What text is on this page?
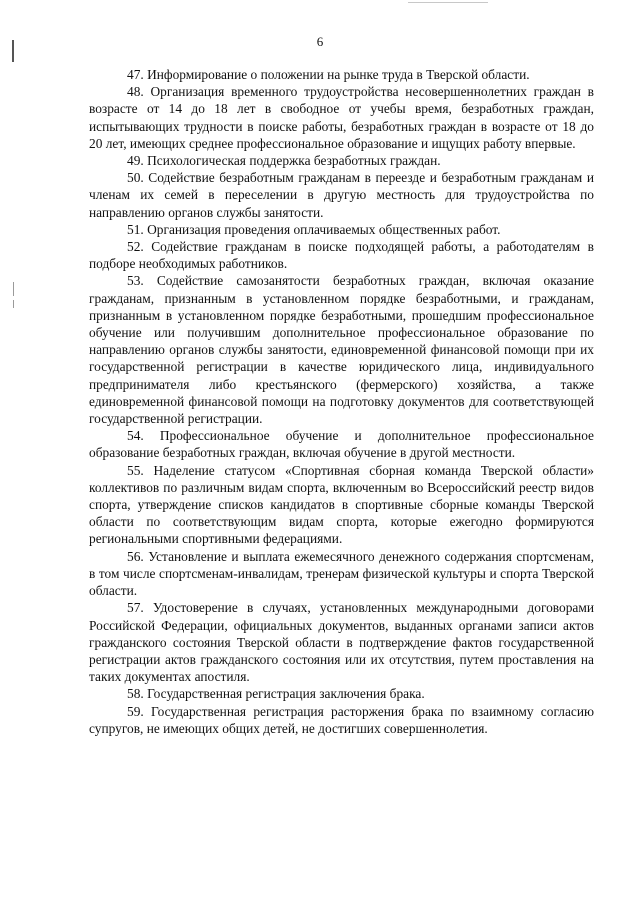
6

47. Информирование о положении на рынке труда в Тверской области.

48. Организация временного трудоустройства несовершеннолетних граждан в возрасте от 14 до 18 лет в свободное от учебы время, безработных граждан, испытывающих трудности в поиске работы, безработных граждан в возрасте от 18 до 20 лет, имеющих среднее профессиональное образование и ищущих работу впервые.

49. Психологическая поддержка безработных граждан.

50. Содействие безработным гражданам в переезде и безработным гражданам и членам их семей в переселении в другую местность для трудоустройства по направлению органов службы занятости.

51. Организация проведения оплачиваемых общественных работ.

52. Содействие гражданам в поиске подходящей работы, а работодателям в подборе необходимых работников.

53. Содействие самозанятости безработных граждан, включая оказание гражданам, признанным в установленном порядке безработными, и гражданам, признанным в установленном порядке безработными, прошедшим профессиональное обучение или получившим дополнительное профессиональное образование по направлению органов службы занятости, единовременной финансовой помощи при их государственной регистрации в качестве юридического лица, индивидуального предпринимателя либо крестьянского (фермерского) хозяйства, а также единовременной финансовой помощи на подготовку документов для соответствующей государственной регистрации.

54. Профессиональное обучение и дополнительное профессиональное образование безработных граждан, включая обучение в другой местности.

55. Наделение статусом «Спортивная сборная команда Тверской области» коллективов по различным видам спорта, включенным во Всероссийский реестр видов спорта, утверждение списков кандидатов в спортивные сборные команды Тверской области по соответствующим видам спорта, которые ежегодно формируются региональными спортивными федерациями.

56. Установление и выплата ежемесячного денежного содержания спортсменам, в том числе спортсменам-инвалидам, тренерам физической культуры и спорта Тверской области.

57. Удостоверение в случаях, установленных международными договорами Российской Федерации, официальных документов, выданных органами записи актов гражданского состояния Тверской области в подтверждение фактов государственной регистрации актов гражданского состояния или их отсутствия, путем проставления на таких документах апостиля.

58. Государственная регистрация заключения брака.

59. Государственная регистрация расторжения брака по взаимному согласию супругов, не имеющих общих детей, не достигших совершеннолетия.
